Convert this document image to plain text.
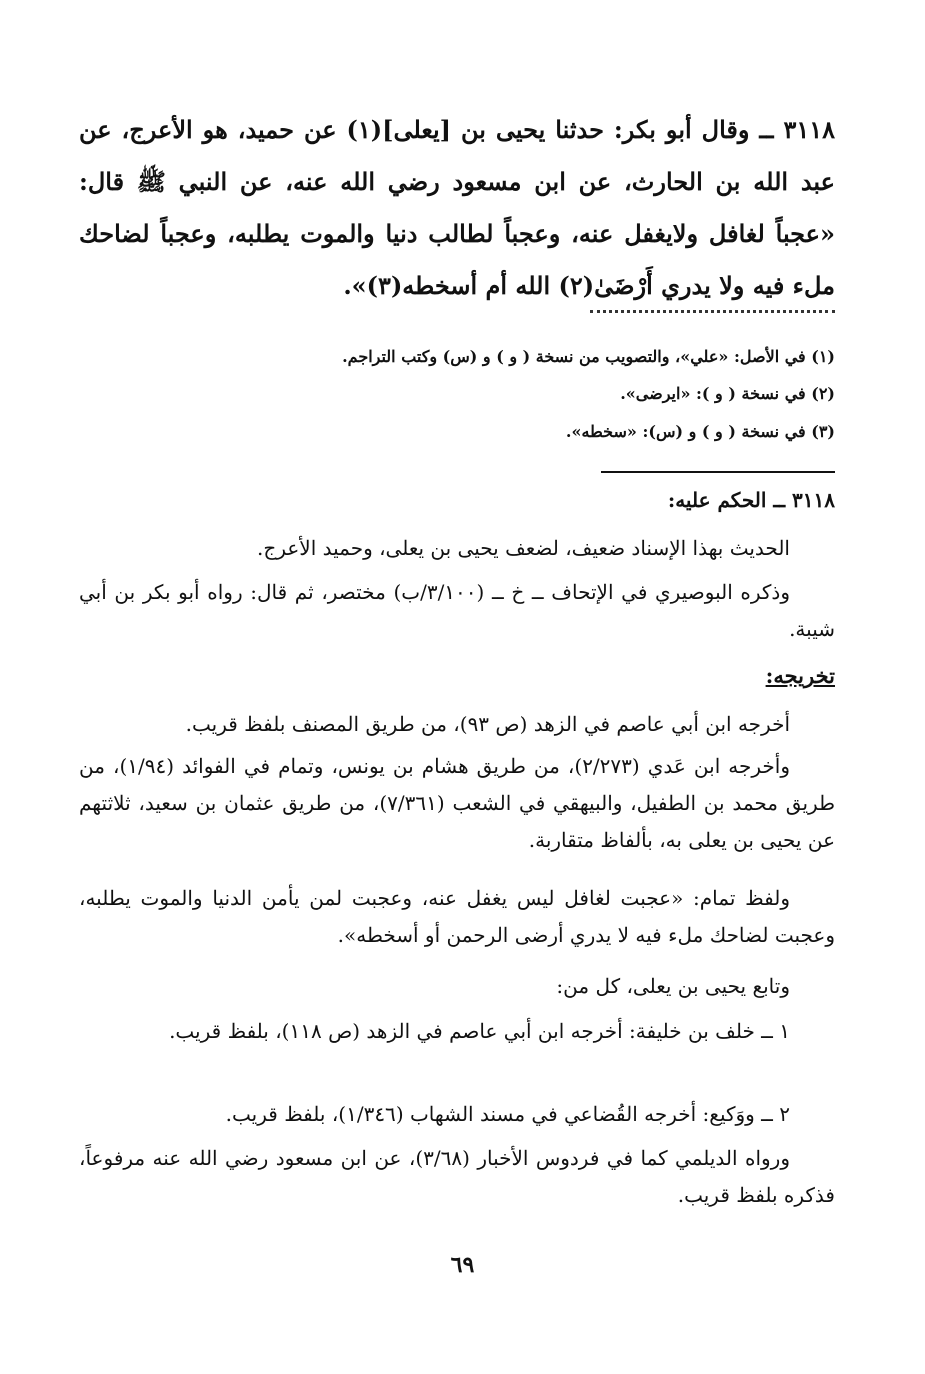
٣١١٨ ــ وقال أبو بكر: حدثنا يحيى بن [يعلى](١) عن حميد، هو الأعرج، عن عبد الله بن الحارث، عن ابن مسعود رضي الله عنه، عن النبي ﷺ قال: «عجباً لغافل ولايغفل عنه، وعجباً لطالب دنيا والموت يطلبه، وعجباً لضاحك ملء فيه ولا يدري أَرْضَىٰ(٢) الله أم أسخطه(٣)».
(١) في الأصل: «علي»، والتصويب من نسخة ( و ) و (س) وكتب التراجم.
(٢) في نسخة ( و ): «ايرضى».
(٣) في نسخة ( و ) و (س): «سخطه».
٣١١٨ ــ الحكم عليه:
الحديث بهذا الإسناد ضعيف، لضعف يحيى بن يعلى، وحميد الأعرج.
وذكره البوصيري في الإتحاف ــ خ ــ (٣/١٠٠/ب) مختصر، ثم قال: رواه أبو بكر بن أبي شيبة.
تخريجه:
أخرجه ابن أبي عاصم في الزهد (ص ٩٣)، من طريق المصنف بلفظ قريب.
وأخرجه ابن عَدي (٢/٢٧٣)، من طريق هشام بن يونس، وتمام في الفوائد (١/٩٤)، من طريق محمد بن الطفيل، والبيهقي في الشعب (٧/٣٦١)، من طريق عثمان بن سعيد، ثلاثتهم عن يحيى بن يعلى به، بألفاظ متقاربة.
ولفظ تمام: «عجبت لغافل ليس يغفل عنه، وعجبت لمن يأمن الدنيا والموت يطلبه، وعجبت لضاحك ملء فيه لا يدري أرضى الرحمن أو أسخطه».
وتابع يحيى بن يعلى، كل من:
١ ــ خلف بن خليفة: أخرجه ابن أبي عاصم في الزهد (ص ١١٨)، بلفظ قريب.
٢ ــ ووَكيع: أخرجه القُضاعي في مسند الشهاب (١/٣٤٦)، بلفظ قريب.
ورواه الديلمي كما في فردوس الأخبار (٣/٦٨)، عن ابن مسعود رضي الله عنه مرفوعاً، فذكره بلفظ قريب.
٦٩
